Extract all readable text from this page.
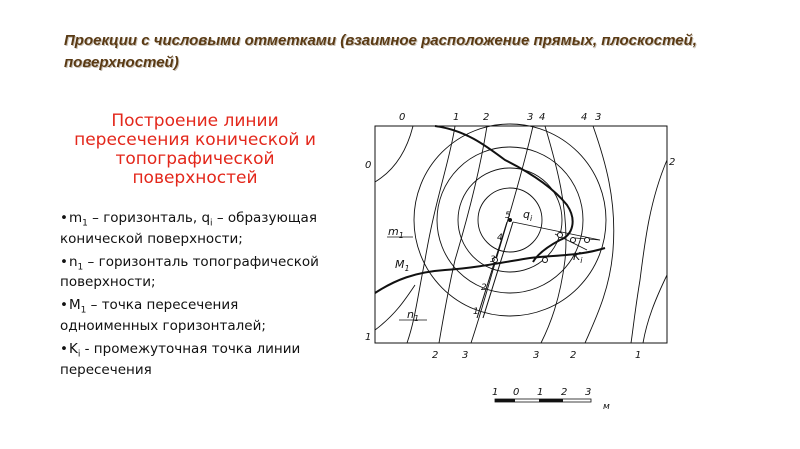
Проекции с числовыми отметками (взаимное расположение прямых, плоскостей, поверхностей)
Построение линии пересечения конической и топографической поверхностей
$•m_1$ – горизонталь, $q_i$ – образующая конической поверхности;
$•n_1$ – горизонталь топографической поверхности;
$•M_1$ – точка пересечения одноименных горизонталей;
$•K_i$ - промежуточная точка линии пересечения
0	1 2	3 4	4 3
0
1
2
2 3	3	2	1
5
4
3
2
1
$m_1$
$M_1$
$n_1$
$q_i$
$K_i$
1 0 1 2 3
м
